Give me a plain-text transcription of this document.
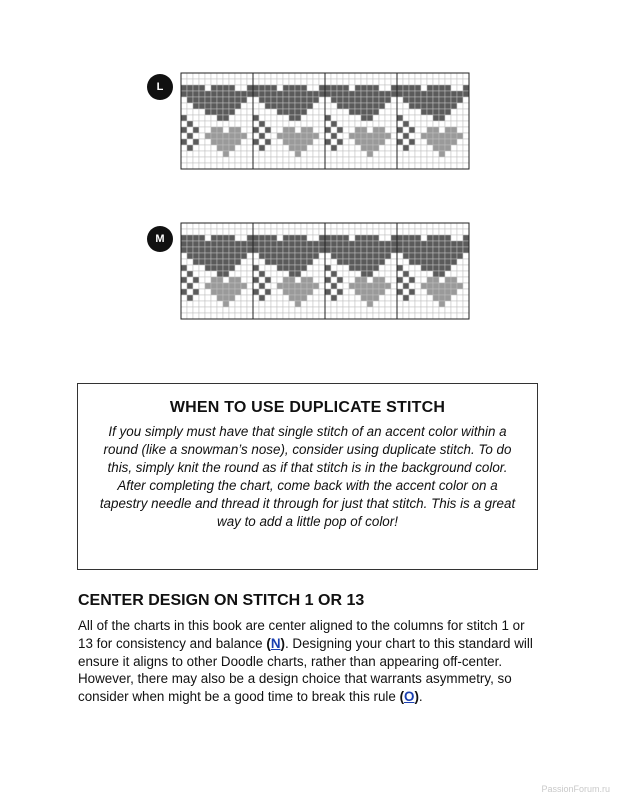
L
M
WHEN TO USE DUPLICATE STITCH
If you simply must have that single stitch of an accent color within a round (like a snowman’s nose), consider using duplicate stitch. To do this, simply knit the round as if that stitch is in the background color. After completing the chart, come back with the accent color on a tapestry needle and thread it through for just that stitch. This is a great way to add a little pop of color!
CENTER DESIGN ON STITCH 1 OR 13
All of the charts in this book are center aligned to the columns for stitch 1 or 13 for consistency and balance (N). Designing your chart to this standard will ensure it aligns to other Doodle charts, rather than appearing off-center. However, there may also be a design choice that warrants asymmetry, so consider when might be a good time to break this rule (O).
PassionForum.ru
